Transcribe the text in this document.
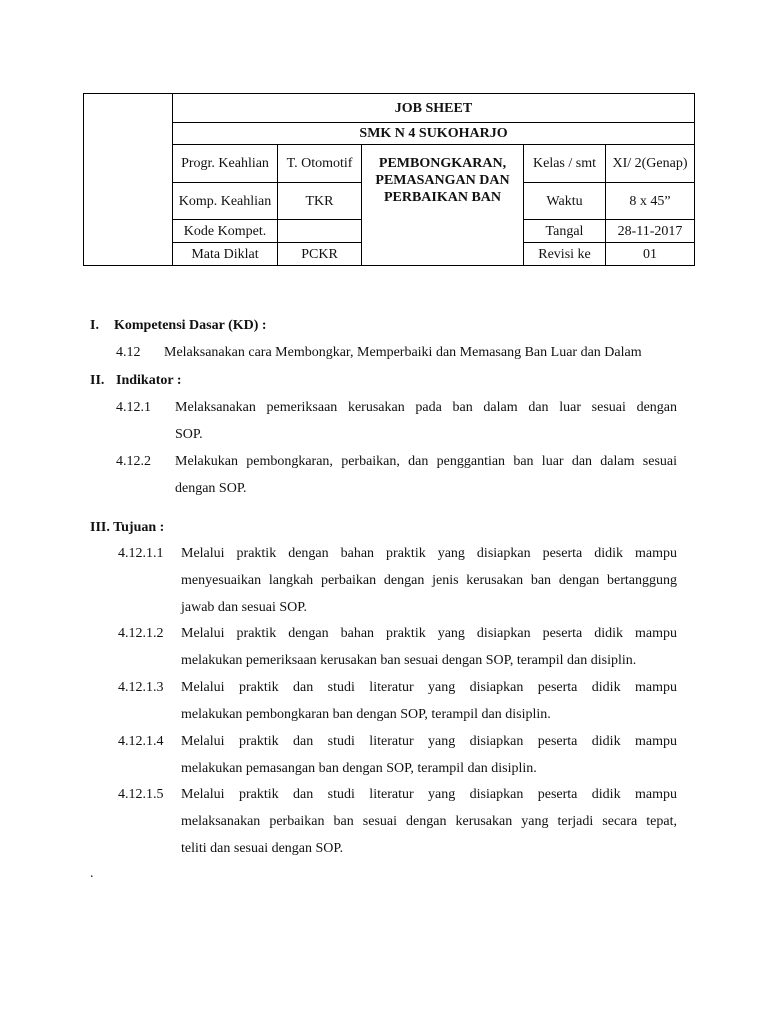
	JOB SHEET				
	SMK N 4 SUKOHARJO				
	Progr. Keahlian	T. Otomotif	PEMBONGKARAN, PEMASANGAN DAN PERBAIKAN BAN	Kelas / smt	XI/ 2(Genap)
	Komp. Keahlian	TKR		Waktu	8 x 45”
	Kode Kompet.			Tangal	28-11-2017
	Mata Diklat	PCKR		Revisi ke	01
I. Kompetensi Dasar (KD) :
4.12 Melaksanakan cara Membongkar, Memperbaiki dan Memasang Ban Luar dan Dalam
II. Indikator :
4.12.1 Melaksanakan pemeriksaan kerusakan pada ban dalam dan luar sesuai dengan
SOP.
4.12.2 Melakukan pembongkaran, perbaikan, dan penggantian ban luar dan dalam sesuai
dengan SOP.
III. Tujuan :
4.12.1.1 Melalui praktik dengan bahan praktik yang disiapkan peserta didik mampu
menyesuaikan langkah perbaikan dengan jenis kerusakan ban dengan bertanggung
jawab dan sesuai SOP.
4.12.1.2 Melalui praktik dengan bahan praktik yang disiapkan peserta didik mampu
melakukan pemeriksaan kerusakan ban sesuai dengan SOP, terampil dan disiplin.
4.12.1.3 Melalui praktik dan studi literatur yang disiapkan peserta didik mampu
melakukan pembongkaran ban dengan SOP, terampil dan disiplin.
4.12.1.4 Melalui praktik dan studi literatur yang disiapkan peserta didik mampu
melakukan pemasangan ban dengan SOP, terampil dan disiplin.
4.12.1.5 Melalui praktik dan studi literatur yang disiapkan peserta didik mampu
melaksanakan perbaikan ban sesuai dengan kerusakan yang terjadi secara tepat,
teliti dan sesuai dengan SOP.
.
